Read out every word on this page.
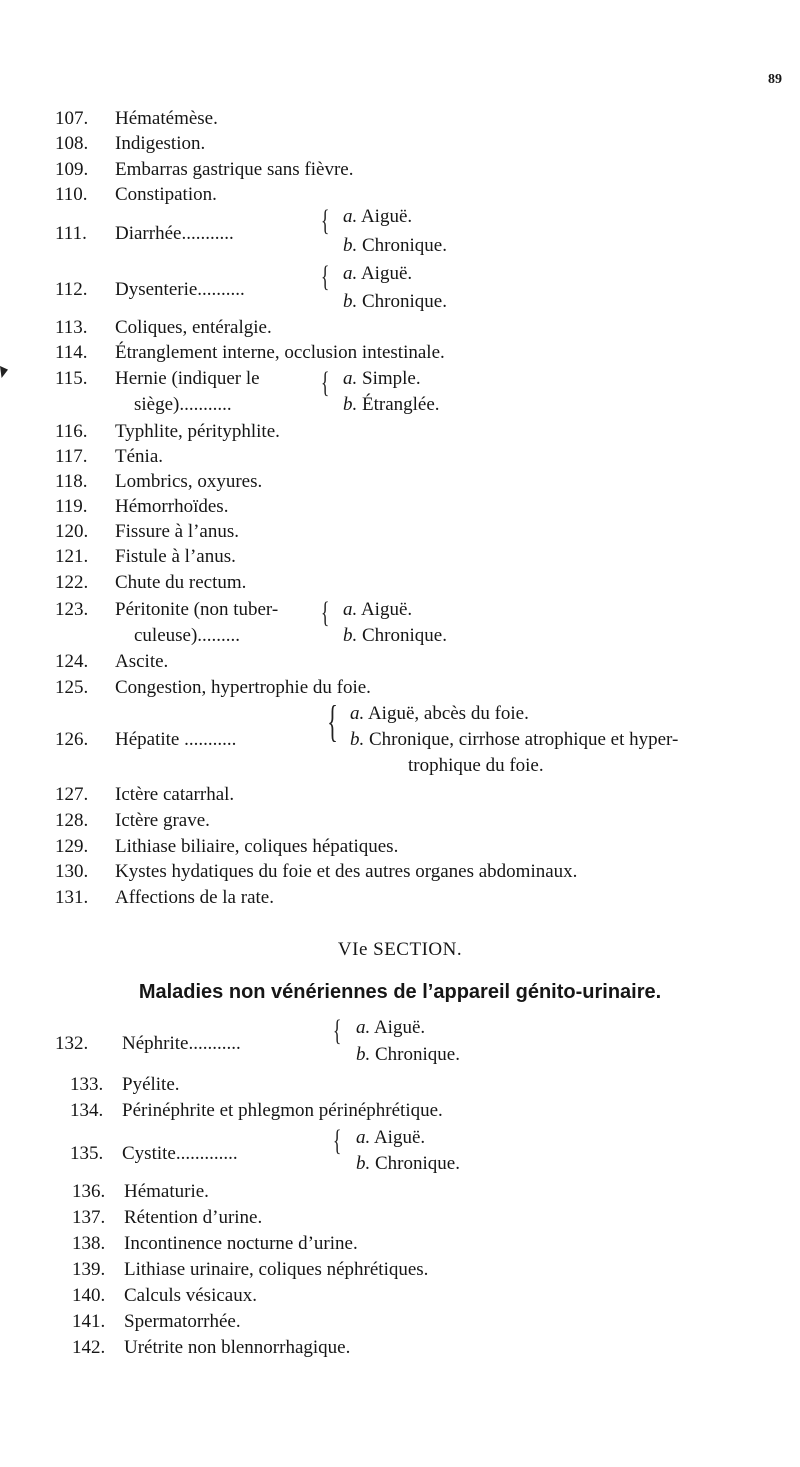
89
107.	Hématémèse.
108.	Indigestion.
109.	Embarras gastrique sans fièvre.
110.	Constipation.
111.	Diarrhée...........	{ a. Aiguë.
b. Chronique.
112.	Dysenterie..........	{ a. Aiguë.
b. Chronique.
113.	Coliques, entéralgie.
114.	Étranglement interne, occlusion intestinale.
115.	Hernie (indiquer le
siège)...........
{ a. Simple.
b. Étranglée.
116.	Typhlite, pérityphlite.
117.	Ténia.
118.	Lombrics, oxyures.
119.	Hémorrhoïdes.
120.	Fissure à l’anus.
121.	Fistule à l’anus.
122.	Chute du rectum.
123.	Péritonite (non tuber-
culeuse).........
{ a. Aiguë.
b. Chronique.
124.	Ascite.
125.	Congestion, hypertrophie du foie.
126.	Hépatite ........... { a. Aiguë, abcès du foie.
b. Chronique, cirrhose atrophique et hyper-
trophique du foie.
127.	Ictère catarrhal.
128.	Ictère grave.
129.	Lithiase biliaire, coliques hépatiques.
130.	Kystes hydatiques du foie et des autres organes abdominaux.
131.	Affections de la rate.
VIe SECTION.
Maladies non vénériennes de l’appareil génito-urinaire.
132.	Néphrite...........	{ a. Aiguë.
b. Chronique.
133. Pyélite.
134. Périnéphrite et phlegmon périnéphrétique.
135. Cystite.............	{ a. Aiguë.
b. Chronique.
136. Hématurie.
137. Rétention d’urine.
138. Incontinence nocturne d’urine.
139. Lithiase urinaire, coliques néphrétiques.
140. Calculs vésicaux.
141. Spermatorrhée.
142. Urétrite non blennorrhagique.
